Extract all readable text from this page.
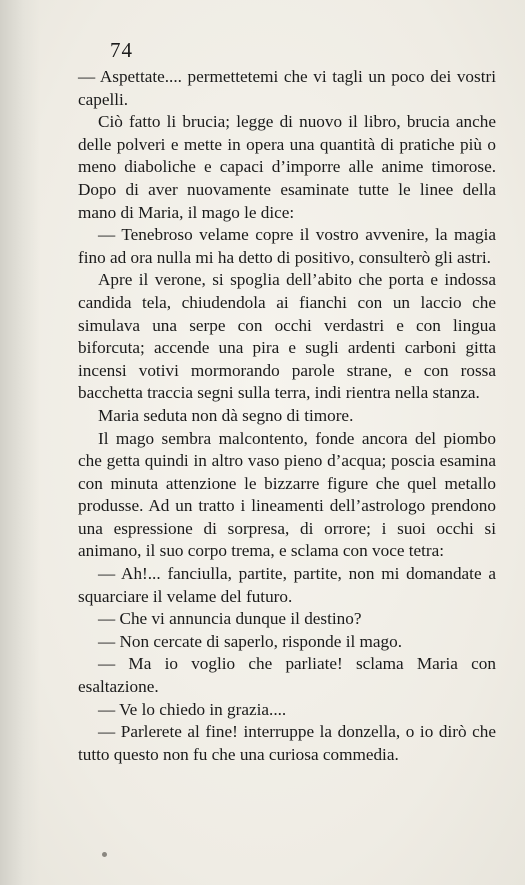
74

— Aspettate.... permettetemi che vi tagli un poco dei vostri capelli.

Ciò fatto li brucia; legge di nuovo il libro, brucia anche delle polveri e mette in opera una quantità di pratiche più o meno diaboliche e capaci d’imporre alle anime timorose. Dopo di aver nuovamente esaminate tutte le linee della mano di Maria, il mago le dice:

— Tenebroso velame copre il vostro avvenire, la magia fino ad ora nulla mi ha detto di positivo, consulterò gli astri.

Apre il verone, si spoglia dell’abito che porta e indossa candida tela, chiudendola ai fianchi con un laccio che simulava una serpe con occhi verdastri e con lingua biforcuta; accende una pira e sugli ardenti carboni gitta incensi votivi mormorando parole strane, e con rossa bacchetta traccia segni sulla terra, indi rientra nella stanza.

Maria seduta non dà segno di timore.

Il mago sembra malcontento, fonde ancora del piombo che getta quindi in altro vaso pieno d’acqua; poscia esamina con minuta attenzione le bizzarre figure che quel metallo produsse. Ad un tratto i lineamenti dell’astrologo prendono una espressione di sorpresa, di orrore; i suoi occhi si animano, il suo corpo trema, e sclama con voce tetra:

— Ah!... fanciulla, partite, partite, non mi domandate a squarciare il velame del futuro.

— Che vi annuncia dunque il destino?

— Non cercate di saperlo, risponde il mago.

— Ma io voglio che parliate! sclama Maria con esaltazione.

— Ve lo chiedo in grazia....

— Parlerete al fine! interruppe la donzella, o io dirò che tutto questo non fu che una curiosa commedia.
